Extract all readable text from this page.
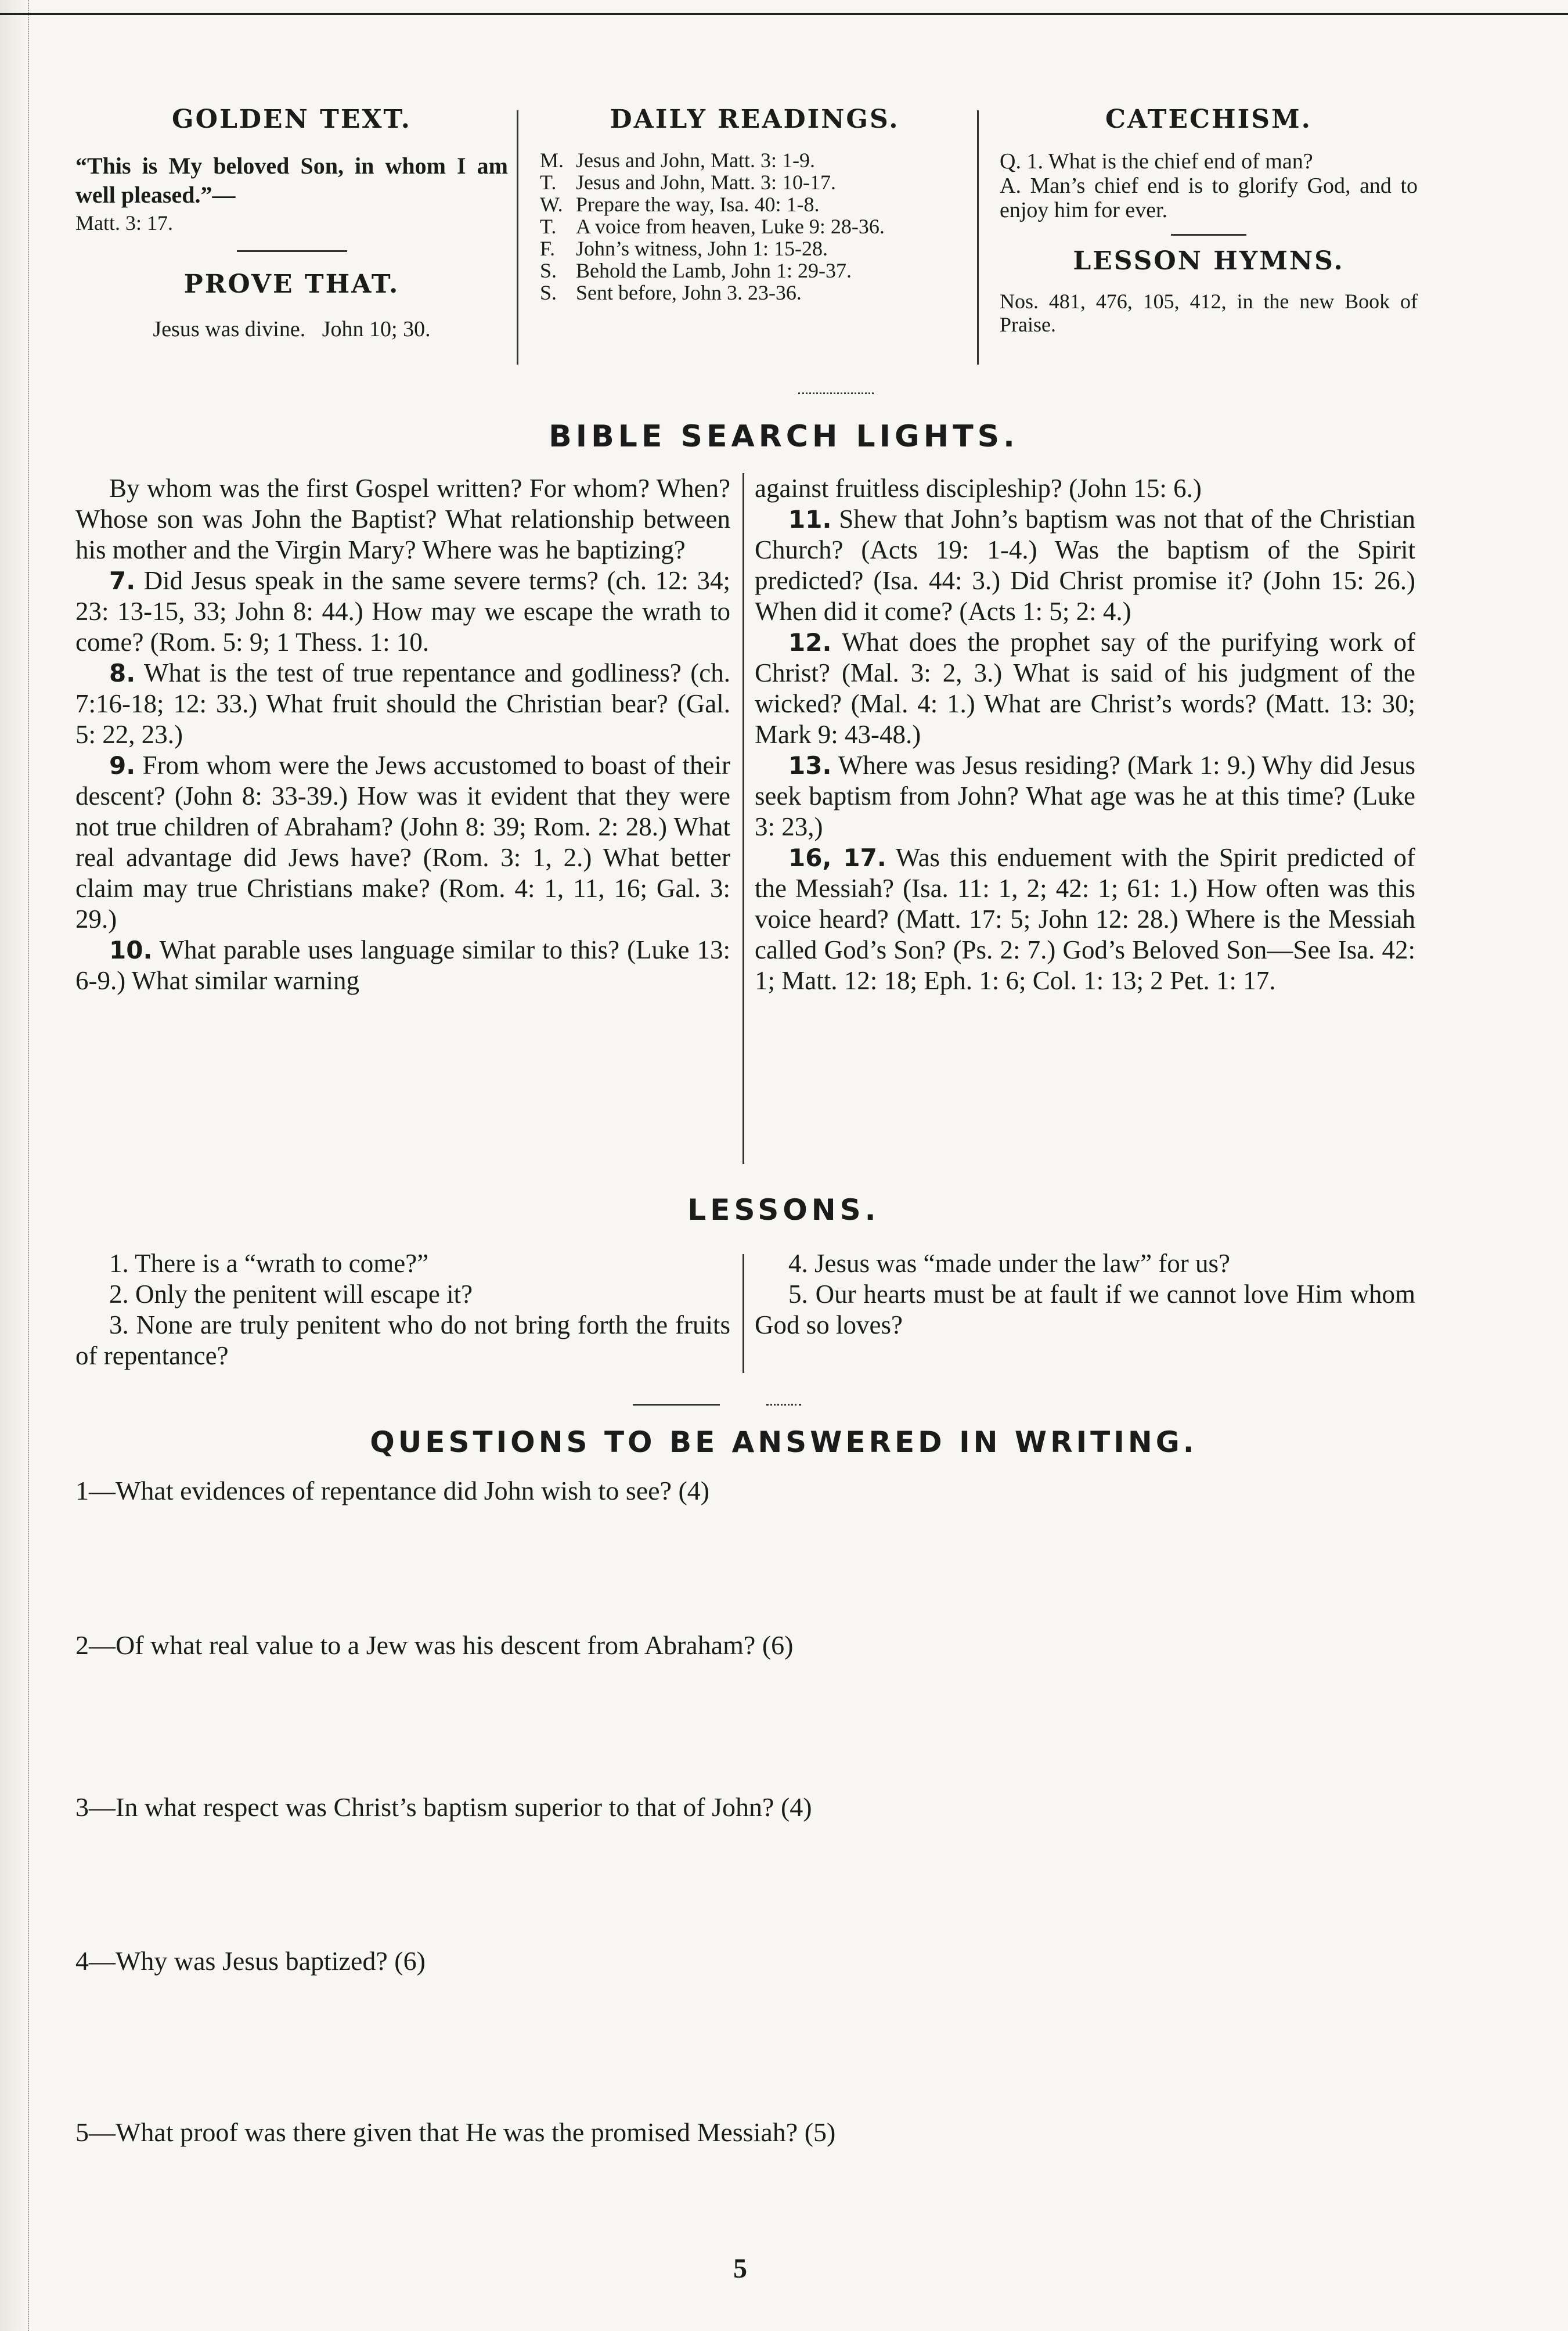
GOLDEN TEXT.

“This is My beloved Son, in whom I am well pleased.”—

Matt. 3: 17.

PROVE THAT.

Jesus was divine. John 10; 30.

DAILY READINGS.

M. Jesus and John, Matt. 3: 1-9.
T. Jesus and John, Matt. 3: 10-17.
W. Prepare the way, Isa. 40: 1-8.
T. A voice from heaven, Luke 9: 28-36.
F. John’s witness, John 1: 15-28.
S. Behold the Lamb, John 1: 29-37.
S. Sent before, John 3. 23-36.

CATECHISM.

Q. 1. What is the chief end of man?

A. Man’s chief end is to glorify God, and to enjoy him for ever.

LESSON HYMNS.

Nos. 481, 476, 105, 412, in the new Book of Praise.

BIBLE SEARCH LIGHTS.

By whom was the first Gospel written? For whom? When? Whose son was John the Baptist? What relationship between his mother and the Virgin Mary? Where was he baptizing?

7. Did Jesus speak in the same severe terms? (ch. 12: 34; 23: 13-15, 33; John 8: 44.) How may we escape the wrath to come? (Rom. 5: 9; 1 Thess. 1: 10.

8. What is the test of true repentance and godliness? (ch. 7:16-18; 12: 33.) What fruit should the Christian bear? (Gal. 5: 22, 23.)

9. From whom were the Jews accustomed to boast of their descent? (John 8: 33-39.) How was it evident that they were not true children of Abraham? (John 8: 39; Rom. 2: 28.) What real advantage did Jews have? (Rom. 3: 1, 2.) What better claim may true Christians make? (Rom. 4: 1, 11, 16; Gal. 3: 29.)

10. What parable uses language similar to this? (Luke 13: 6-9.) What similar warning

against fruitless discipleship? (John 15: 6.)

11. Shew that John’s baptism was not that of the Christian Church? (Acts 19: 1-4.) Was the baptism of the Spirit predicted? (Isa. 44: 3.) Did Christ promise it? (John 15: 26.) When did it come? (Acts 1: 5; 2: 4.)

12. What does the prophet say of the purifying work of Christ? (Mal. 3: 2, 3.) What is said of his judgment of the wicked? (Mal. 4: 1.) What are Christ’s words? (Matt. 13: 30; Mark 9: 43-48.)

13. Where was Jesus residing? (Mark 1: 9.) Why did Jesus seek baptism from John? What age was he at this time? (Luke 3: 23,)

16, 17. Was this enduement with the Spirit predicted of the Messiah? (Isa. 11: 1, 2; 42: 1; 61: 1.) How often was this voice heard? (Matt. 17: 5; John 12: 28.) Where is the Messiah called God’s Son? (Ps. 2: 7.) God’s Beloved Son—See Isa. 42: 1; Matt. 12: 18; Eph. 1: 6; Col. 1: 13; 2 Pet. 1: 17.

LESSONS.

1. There is a “wrath to come?”

2. Only the penitent will escape it?

3. None are truly penitent who do not bring forth the fruits of repentance?

4. Jesus was “made under the law” for us?

5. Our hearts must be at fault if we cannot love Him whom God so loves?

QUESTIONS TO BE ANSWERED IN WRITING.

1—What evidences of repentance did John wish to see? (4)

2—Of what real value to a Jew was his descent from Abraham? (6)

3—In what respect was Christ’s baptism superior to that of John? (4)

4—Why was Jesus baptized? (6)

5—What proof was there given that He was the promised Messiah? (5)

5
